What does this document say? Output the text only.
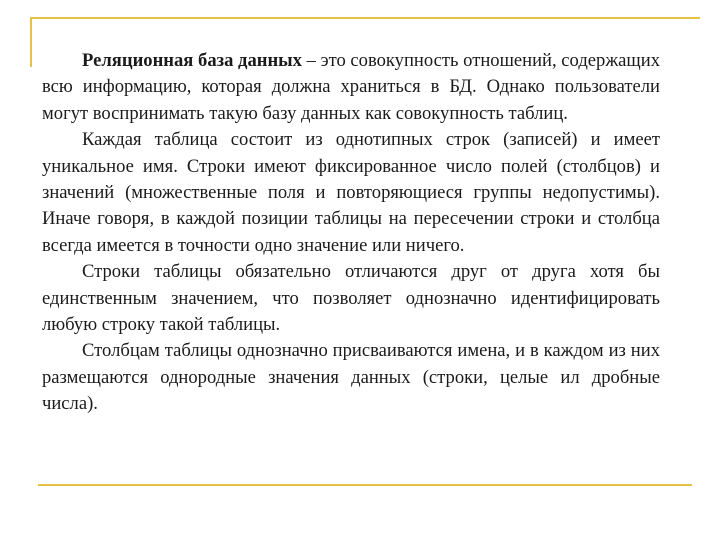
Реляционная база данных – это совокупность отношений, содержащих всю информацию, которая должна храниться в БД. Однако пользователи могут воспринимать такую базу данных как совокупность таблиц.

Каждая таблица состоит из однотипных строк (записей) и имеет уникальное имя. Строки имеют фиксированное число полей (столбцов) и значений (множественные поля и повторяющиеся группы недопустимы). Иначе говоря, в каждой позиции таблицы на пересечении строки и столбца всегда имеется в точности одно значение или ничего.

Строки таблицы обязательно отличаются друг от друга хотя бы единственным значением, что позволяет однозначно идентифицировать любую строку такой таблицы.

Столбцам таблицы однозначно присваиваются имена, и в каждом из них размещаются однородные значения данных (строки, целые ил дробные числа).
